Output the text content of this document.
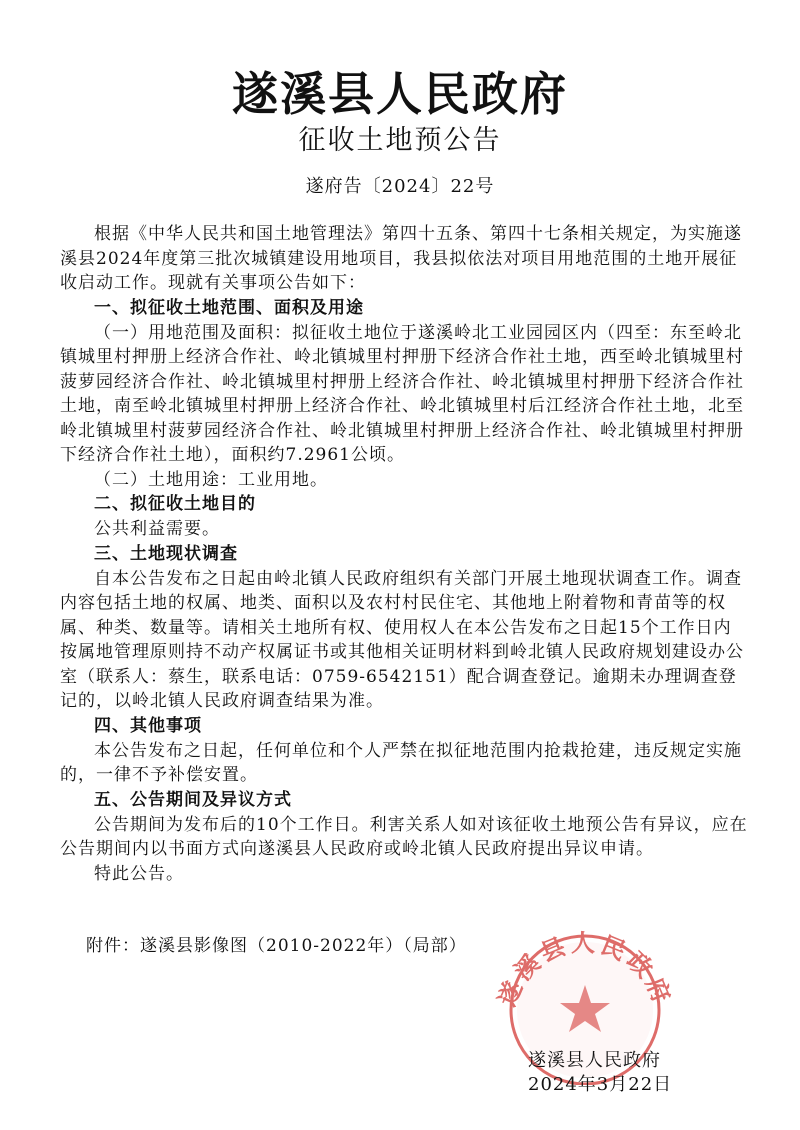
遂溪县人民政府
征收土地预公告
遂府告〔2024〕22号

根据《中华人民共和国土地管理法》第四十五条、第四十七条相关规定，为实施遂溪县2024年度第三批次城镇建设用地项目，我县拟依法对项目用地范围的土地开展征收启动工作。现就有关事项公告如下：

一、拟征收土地范围、面积及用途

（一）用地范围及面积：拟征收土地位于遂溪岭北工业园园区内（四至：东至岭北镇城里村押册上经济合作社、岭北镇城里村押册下经济合作社土地，西至岭北镇城里村菠萝园经济合作社、岭北镇城里村押册上经济合作社、岭北镇城里村押册下经济合作社土地，南至岭北镇城里村押册上经济合作社、岭北镇城里村后江经济合作社土地，北至岭北镇城里村菠萝园经济合作社、岭北镇城里村押册上经济合作社、岭北镇城里村押册下经济合作社土地），面积约7.2961公顷。

（二）土地用途：工业用地。

二、拟征收土地目的

公共利益需要。

三、土地现状调查

自本公告发布之日起由岭北镇人民政府组织有关部门开展土地现状调查工作。调查内容包括土地的权属、地类、面积以及农村村民住宅、其他地上附着物和青苗等的权属、种类、数量等。请相关土地所有权、使用权人在本公告发布之日起15个工作日内按属地管理原则持不动产权属证书或其他相关证明材料到岭北镇人民政府规划建设办公室（联系人：蔡生，联系电话：0759-6542151）配合调查登记。逾期未办理调查登记的，以岭北镇人民政府调查结果为准。

四、其他事项

本公告发布之日起，任何单位和个人严禁在拟征地范围内抢栽抢建，违反规定实施的，一律不予补偿安置。

五、公告期间及异议方式

公告期间为发布后的10个工作日。利害关系人如对该征收土地预公告有异议，应在公告期间内以书面方式向遂溪县人民政府或岭北镇人民政府提出异议申请。

特此公告。

附件：遂溪县影像图（2010-2022年）（局部）
遂溪县人民政府
遂溪县人民政府
2024年3月22日
